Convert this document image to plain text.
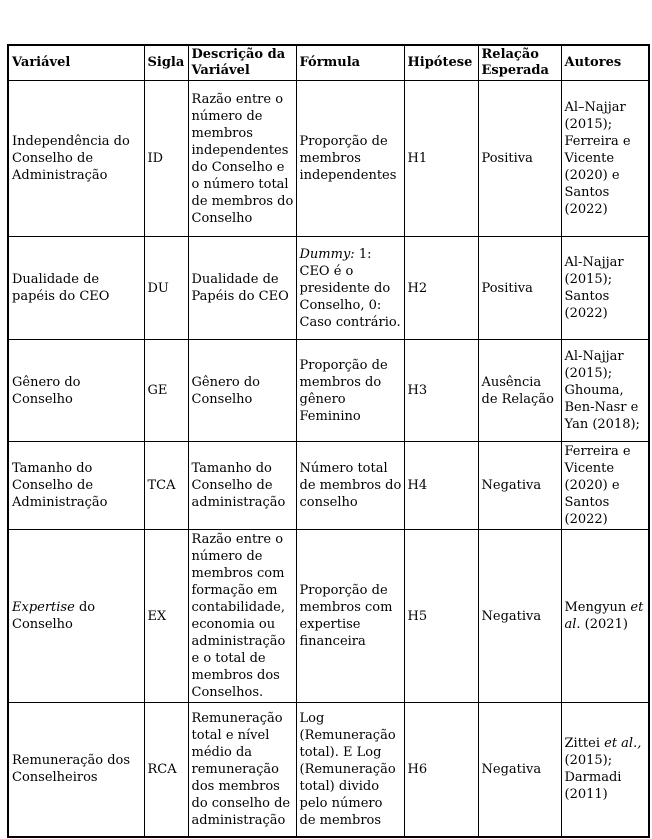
Variável	Sigla	Descrição da Variável	Fórmula	Hipótese	Relação Esperada	Autores
Independência do Conselho de Administração	ID	Razão entre o número de membros independentes do Conselho e o número total de membros do Conselho	Proporção de membros independentes	H1	Positiva	Al–Najjar (2015); Ferreira e Vicente (2020) e Santos (2022)
Dualidade de papéis do CEO	DU	Dualidade de Papéis do CEO	Dummy: 1: CEO é o presidente do Conselho, 0: Caso contrário.	H2	Positiva	Al-Najjar (2015); Santos (2022)
Gênero do Conselho	GE	Gênero do Conselho	Proporção de membros do gênero Feminino	H3	Ausência de Relação	Al-Najjar (2015); Ghouma, Ben-Nasr e Yan (2018);
Tamanho do Conselho de Administração	TCA	Tamanho do Conselho de administração	Número total de membros do conselho	H4	Negativa	Ferreira e Vicente (2020) e Santos (2022)
Expertise do Conselho	EX	Razão entre o número de membros com formação em contabilidade, economia ou administração e o total de membros dos Conselhos.	Proporção de membros com expertise financeira	H5	Negativa	Mengyun et al. (2021)
Remuneração dos Conselheiros	RCA	Remuneração total e nível médio da remuneração dos membros do conselho de administração	Log (Remuneração total). E Log (Remuneração total) divido pelo número de membros	H6	Negativa	Zittei et al., (2015); Darmadi (2011)
